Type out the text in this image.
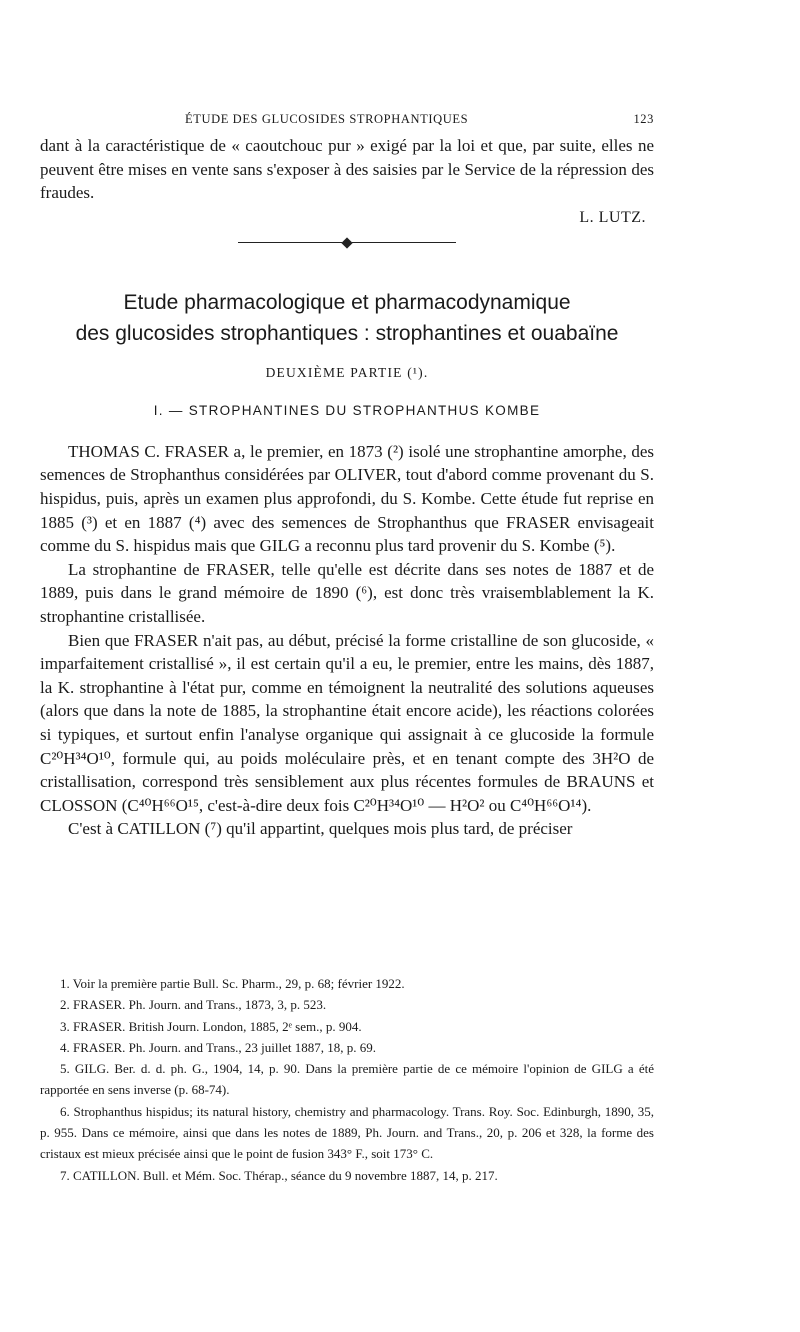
ÉTUDE DES GLUCOSIDES STROPHANTIQUES	123

dant à la caractéristique de « caoutchouc pur » exigé par la loi et que, par suite, elles ne peuvent être mises en vente sans s'exposer à des saisies par le Service de la répression des fraudes.

L. LUTZ.
Etude pharmacologique et pharmacodynamique
des glucosides strophantiques : strophantines et ouabaïne
DEUXIÈME PARTIE (¹).
I. — STROPHANTINES DU STROPHANTHUS KOMBE

THOMAS C. FRASER a, le premier, en 1873 (²) isolé une strophantine amorphe, des semences de Strophanthus considérées par OLIVER, tout d'abord comme provenant du S. hispidus, puis, après un examen plus approfondi, du S. Kombe. Cette étude fut reprise en 1885 (³) et en 1887 (⁴) avec des semences de Strophanthus que FRASER envisageait comme du S. hispidus mais que GILG a reconnu plus tard provenir du S. Kombe (⁵).

La strophantine de FRASER, telle qu'elle est décrite dans ses notes de 1887 et de 1889, puis dans le grand mémoire de 1890 (⁶), est donc très vraisemblablement la K. strophantine cristallisée.

Bien que FRASER n'ait pas, au début, précisé la forme cristalline de son glucoside, « imparfaitement cristallisé », il est certain qu'il a eu, le premier, entre les mains, dès 1887, la K. strophantine à l'état pur, comme en témoignent la neutralité des solutions aqueuses (alors que dans la note de 1885, la strophantine était encore acide), les réactions colorées si typiques, et surtout enfin l'analyse organique qui assignait à ce glucoside la formule C²⁰H³⁴O¹⁰, formule qui, au poids moléculaire près, et en tenant compte des 3H²O de cristallisation, correspond très sensiblement aux plus récentes formules de BRAUNS et CLOSSON (C⁴⁰H⁶⁶O¹⁵, c'est-à-dire deux fois C²⁰H³⁴O¹⁰ — H²O² ou C⁴⁰H⁶⁶O¹⁴).

C'est à CATILLON (⁷) qu'il appartint, quelques mois plus tard, de préciser

1. Voir la première partie Bull. Sc. Pharm., 29, p. 68; février 1922.

2. FRASER. Ph. Journ. and Trans., 1873, 3, p. 523.

3. FRASER. British Journ. London, 1885, 2ᵉ sem., p. 904.

4. FRASER. Ph. Journ. and Trans., 23 juillet 1887, 18, p. 69.

5. GILG. Ber. d. d. ph. G., 1904, 14, p. 90. Dans la première partie de ce mémoire l'opinion de GILG a été rapportée en sens inverse (p. 68-74).

6. Strophanthus hispidus; its natural history, chemistry and pharmacology. Trans. Roy. Soc. Edinburgh, 1890, 35, p. 955. Dans ce mémoire, ainsi que dans les notes de 1889, Ph. Journ. and Trans., 20, p. 206 et 328, la forme des cristaux est mieux précisée ainsi que le point de fusion 343° F., soit 173° C.

7. CATILLON. Bull. et Mém. Soc. Thérap., séance du 9 novembre 1887, 14, p. 217.
